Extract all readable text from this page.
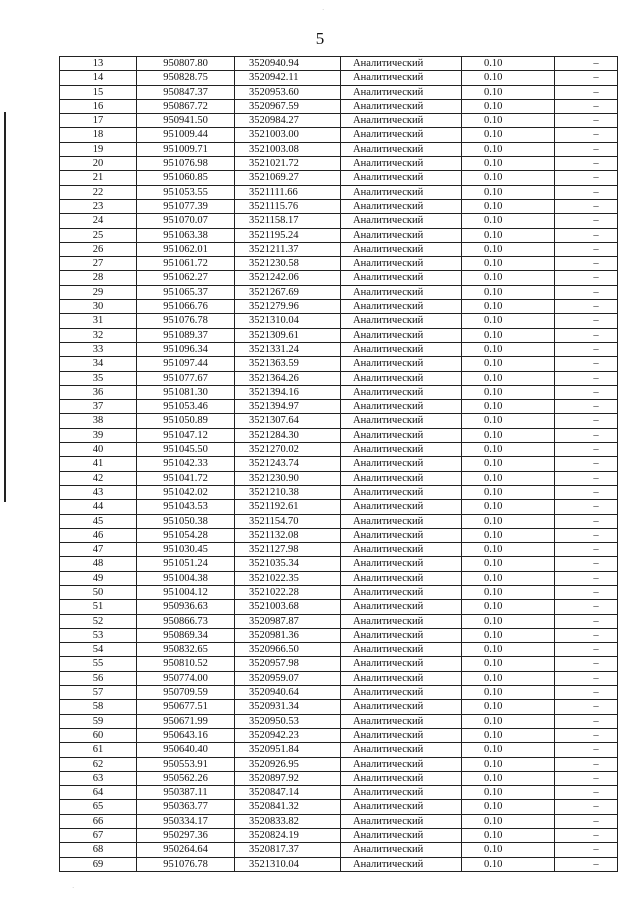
5
·
·
13	950807.80	3520940.94	Аналитический	0.10	–
14	950828.75	3520942.11	Аналитический	0.10	–
15	950847.37	3520953.60	Аналитический	0.10	–
16	950867.72	3520967.59	Аналитический	0.10	–
17	950941.50	3520984.27	Аналитический	0.10	–
18	951009.44	3521003.00	Аналитический	0.10	–
19	951009.71	3521003.08	Аналитический	0.10	–
20	951076.98	3521021.72	Аналитический	0.10	–
21	951060.85	3521069.27	Аналитический	0.10	–
22	951053.55	3521111.66	Аналитический	0.10	–
23	951077.39	3521115.76	Аналитический	0.10	–
24	951070.07	3521158.17	Аналитический	0.10	–
25	951063.38	3521195.24	Аналитический	0.10	–
26	951062.01	3521211.37	Аналитический	0.10	–
27	951061.72	3521230.58	Аналитический	0.10	–
28	951062.27	3521242.06	Аналитический	0.10	–
29	951065.37	3521267.69	Аналитический	0.10	–
30	951066.76	3521279.96	Аналитический	0.10	–
31	951076.78	3521310.04	Аналитический	0.10	–
32	951089.37	3521309.61	Аналитический	0.10	–
33	951096.34	3521331.24	Аналитический	0.10	–
34	951097.44	3521363.59	Аналитический	0.10	–
35	951077.67	3521364.26	Аналитический	0.10	–
36	951081.30	3521394.16	Аналитический	0.10	–
37	951053.46	3521394.97	Аналитический	0.10	–
38	951050.89	3521307.64	Аналитический	0.10	–
39	951047.12	3521284.30	Аналитический	0.10	–
40	951045.50	3521270.02	Аналитический	0.10	–
41	951042.33	3521243.74	Аналитический	0.10	–
42	951041.72	3521230.90	Аналитический	0.10	–
43	951042.02	3521210.38	Аналитический	0.10	–
44	951043.53	3521192.61	Аналитический	0.10	–
45	951050.38	3521154.70	Аналитический	0.10	–
46	951054.28	3521132.08	Аналитический	0.10	–
47	951030.45	3521127.98	Аналитический	0.10	–
48	951051.24	3521035.34	Аналитический	0.10	–
49	951004.38	3521022.35	Аналитический	0.10	–
50	951004.12	3521022.28	Аналитический	0.10	–
51	950936.63	3521003.68	Аналитический	0.10	–
52	950866.73	3520987.87	Аналитический	0.10	–
53	950869.34	3520981.36	Аналитический	0.10	–
54	950832.65	3520966.50	Аналитический	0.10	–
55	950810.52	3520957.98	Аналитический	0.10	–
56	950774.00	3520959.07	Аналитический	0.10	–
57	950709.59	3520940.64	Аналитический	0.10	–
58	950677.51	3520931.34	Аналитический	0.10	–
59	950671.99	3520950.53	Аналитический	0.10	–
60	950643.16	3520942.23	Аналитический	0.10	–
61	950640.40	3520951.84	Аналитический	0.10	–
62	950553.91	3520926.95	Аналитический	0.10	–
63	950562.26	3520897.92	Аналитический	0.10	–
64	950387.11	3520847.14	Аналитический	0.10	–
65	950363.77	3520841.32	Аналитический	0.10	–
66	950334.17	3520833.82	Аналитический	0.10	–
67	950297.36	3520824.19	Аналитический	0.10	–
68	950264.64	3520817.37	Аналитический	0.10	–
69	951076.78	3521310.04	Аналитический	0.10	–
